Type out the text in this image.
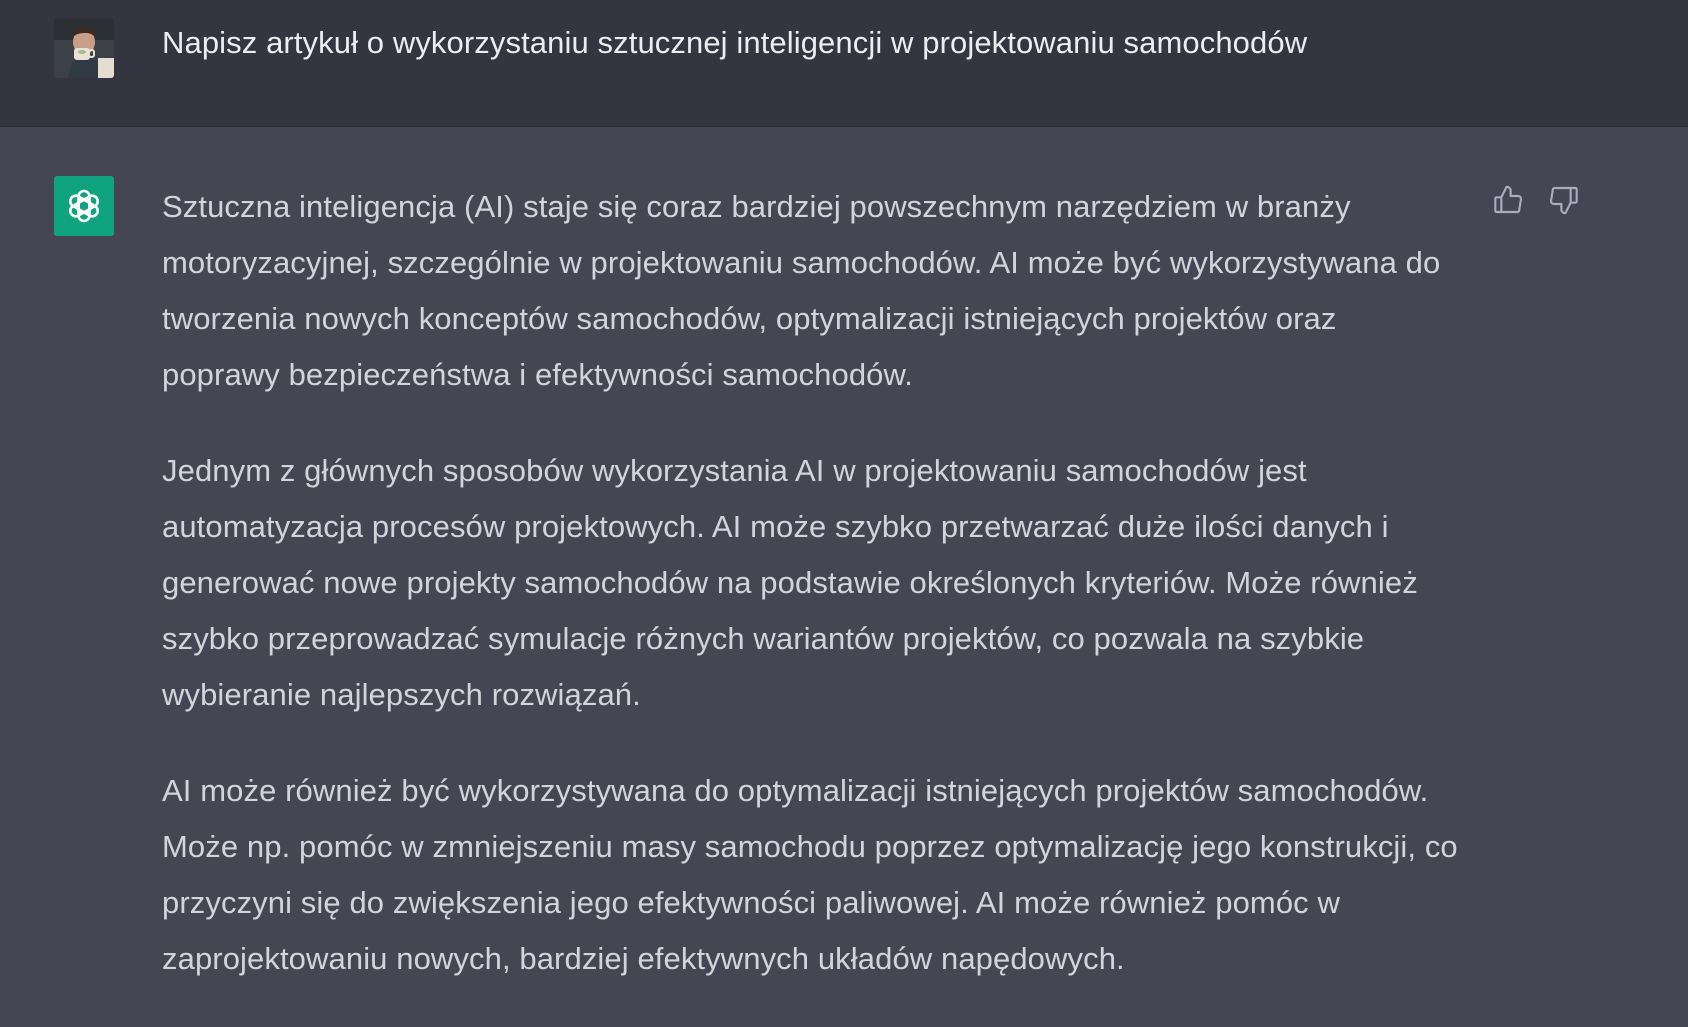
Napisz artykuł o wykorzystaniu sztucznej inteligencji w projektowaniu samochodów

Sztuczna inteligencja (AI) staje się coraz bardziej powszechnym narzędziem w branży motoryzacyjnej, szczególnie w projektowaniu samochodów. AI może być wykorzystywana do tworzenia nowych konceptów samochodów, optymalizacji istniejących projektów oraz poprawy bezpieczeństwa i efektywności samochodów.

Jednym z głównych sposobów wykorzystania AI w projektowaniu samochodów jest automatyzacja procesów projektowych. AI może szybko przetwarzać duże ilości danych i generować nowe projekty samochodów na podstawie określonych kryteriów. Może również szybko przeprowadzać symulacje różnych wariantów projektów, co pozwala na szybkie wybieranie najlepszych rozwiązań.

AI może również być wykorzystywana do optymalizacji istniejących projektów samochodów. Może np. pomóc w zmniejszeniu masy samochodu poprzez optymalizację jego konstrukcji, co przyczyni się do zwiększenia jego efektywności paliwowej. AI może również pomóc w zaprojektowaniu nowych, bardziej efektywnych układów napędowych.
